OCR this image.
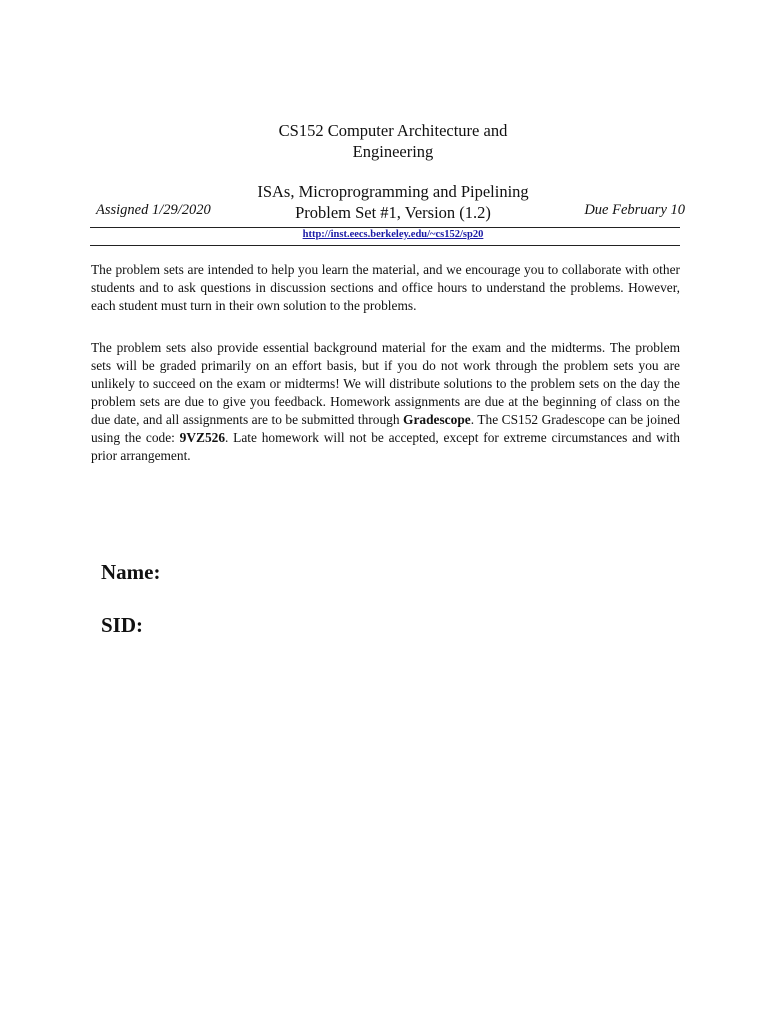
CS152 Computer Architecture and
Engineering
Assigned 1/29/2020
ISAs, Microprogramming and Pipelining
Problem Set #1, Version (1.2)	Due February 10
http://inst.eecs.berkeley.edu/~cs152/sp20

The problem sets are intended to help you learn the material, and we encourage you to collaborate with other students and to ask questions in discussion sections and office hours to understand the problems. However, each student must turn in their own solution to the problems.

The problem sets also provide essential background material for the exam and the midterms. The problem sets will be graded primarily on an effort basis, but if you do not work through the problem sets you are unlikely to succeed on the exam or midterms! We will distribute solutions to the problem sets on the day the problem sets are due to give you feedback. Homework assignments are due at the beginning of class on the due date, and all assignments are to be submitted through Gradescope. The CS152 Gradescope can be joined using the code: 9VZ526. Late homework will not be accepted, except for extreme circumstances and with prior arrangement.

Name:
SID:
